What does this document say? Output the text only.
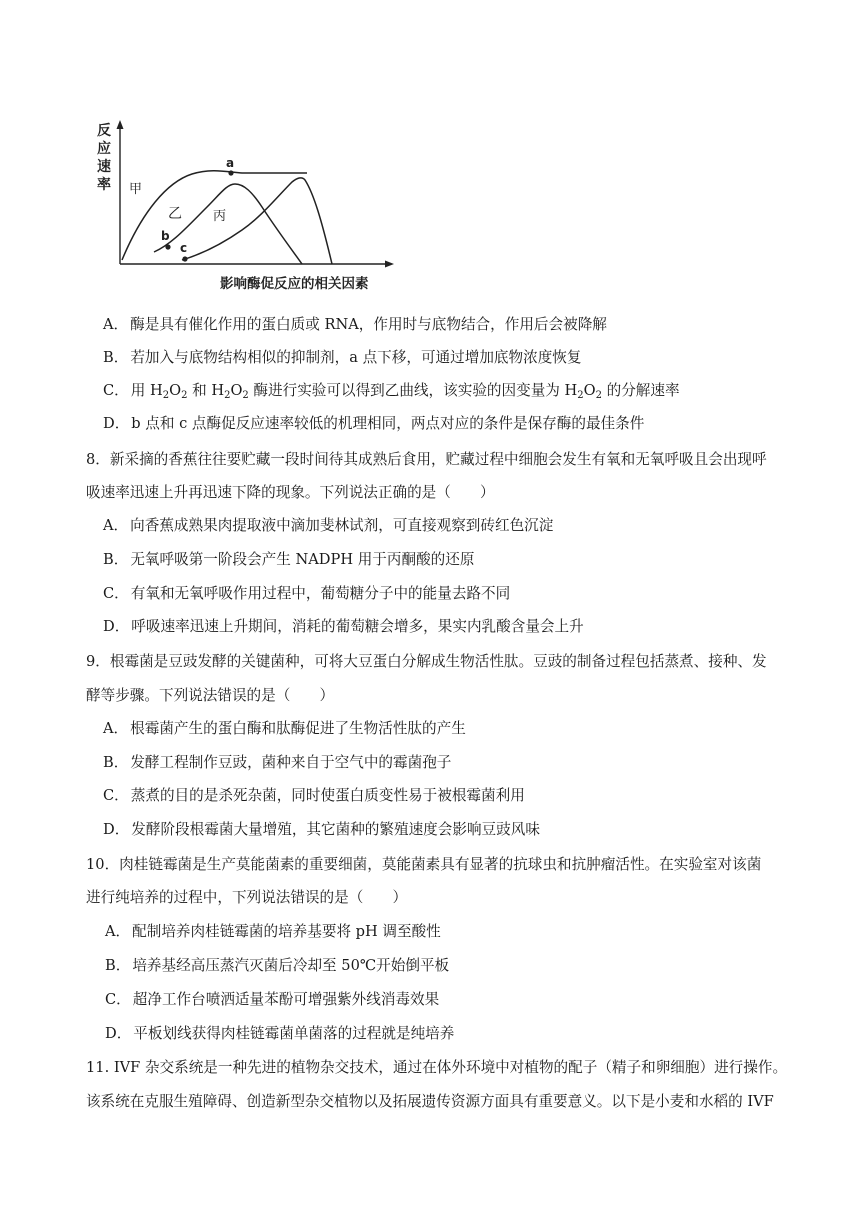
反
应
速
率 甲
乙 丙
a
b
c
影响酶促反应的相关因素
A． 酶是具有催化作用的蛋白质或 RNA，作用时与底物结合，作用后会被降解
B． 若加入与底物结构相似的抑制剂，a 点下移，可通过增加底物浓度恢复
C． 用 $H_2O_2$ 和 $H_2O_2$ 酶进行实验可以得到乙曲线，该实验的因变量为 $H_2O_2$ 的分解速率
D． b 点和 c 点酶促反应速率较低的机理相同，两点对应的条件是保存酶的最佳条件
8．新采摘的香蕉往往要贮藏一段时间待其成熟后食用，贮藏过程中细胞会发生有氧和无氧呼吸且会出现呼
吸速率迅速上升再迅速下降的现象。下列说法正确的是（　　）
A． 向香蕉成熟果肉提取液中滴加斐林试剂，可直接观察到砖红色沉淀
B． 无氧呼吸第一阶段会产生 NADPH 用于丙酮酸的还原
C． 有氧和无氧呼吸作用过程中，葡萄糖分子中的能量去路不同
D． 呼吸速率迅速上升期间，消耗的葡萄糖会增多，果实内乳酸含量会上升
9．根霉菌是豆豉发酵的关键菌种，可将大豆蛋白分解成生物活性肽。豆豉的制备过程包括蒸煮、接种、发
酵等步骤。下列说法错误的是（　　）
A． 根霉菌产生的蛋白酶和肽酶促进了生物活性肽的产生
B． 发酵工程制作豆豉，菌种来自于空气中的霉菌孢子
C． 蒸煮的目的是杀死杂菌，同时使蛋白质变性易于被根霉菌利用
D． 发酵阶段根霉菌大量增殖，其它菌种的繁殖速度会影响豆豉风味
10．肉桂链霉菌是生产莫能菌素的重要细菌，莫能菌素具有显著的抗球虫和抗肿瘤活性。在实验室对该菌
进行纯培养的过程中，下列说法错误的是（　　）
A． 配制培养肉桂链霉菌的培养基要将 pH 调至酸性
B． 培养基经高压蒸汽灭菌后冷却至 50℃开始倒平板
C． 超净工作台喷洒适量苯酚可增强紫外线消毒效果
D． 平板划线获得肉桂链霉菌单菌落的过程就是纯培养
11. IVF 杂交系统是一种先进的植物杂交技术，通过在体外环境中对植物的配子（精子和卵细胞）进行操作。
该系统在克服生殖障碍、创造新型杂交植物以及拓展遗传资源方面具有重要意义。以下是小麦和水稻的 IVF
